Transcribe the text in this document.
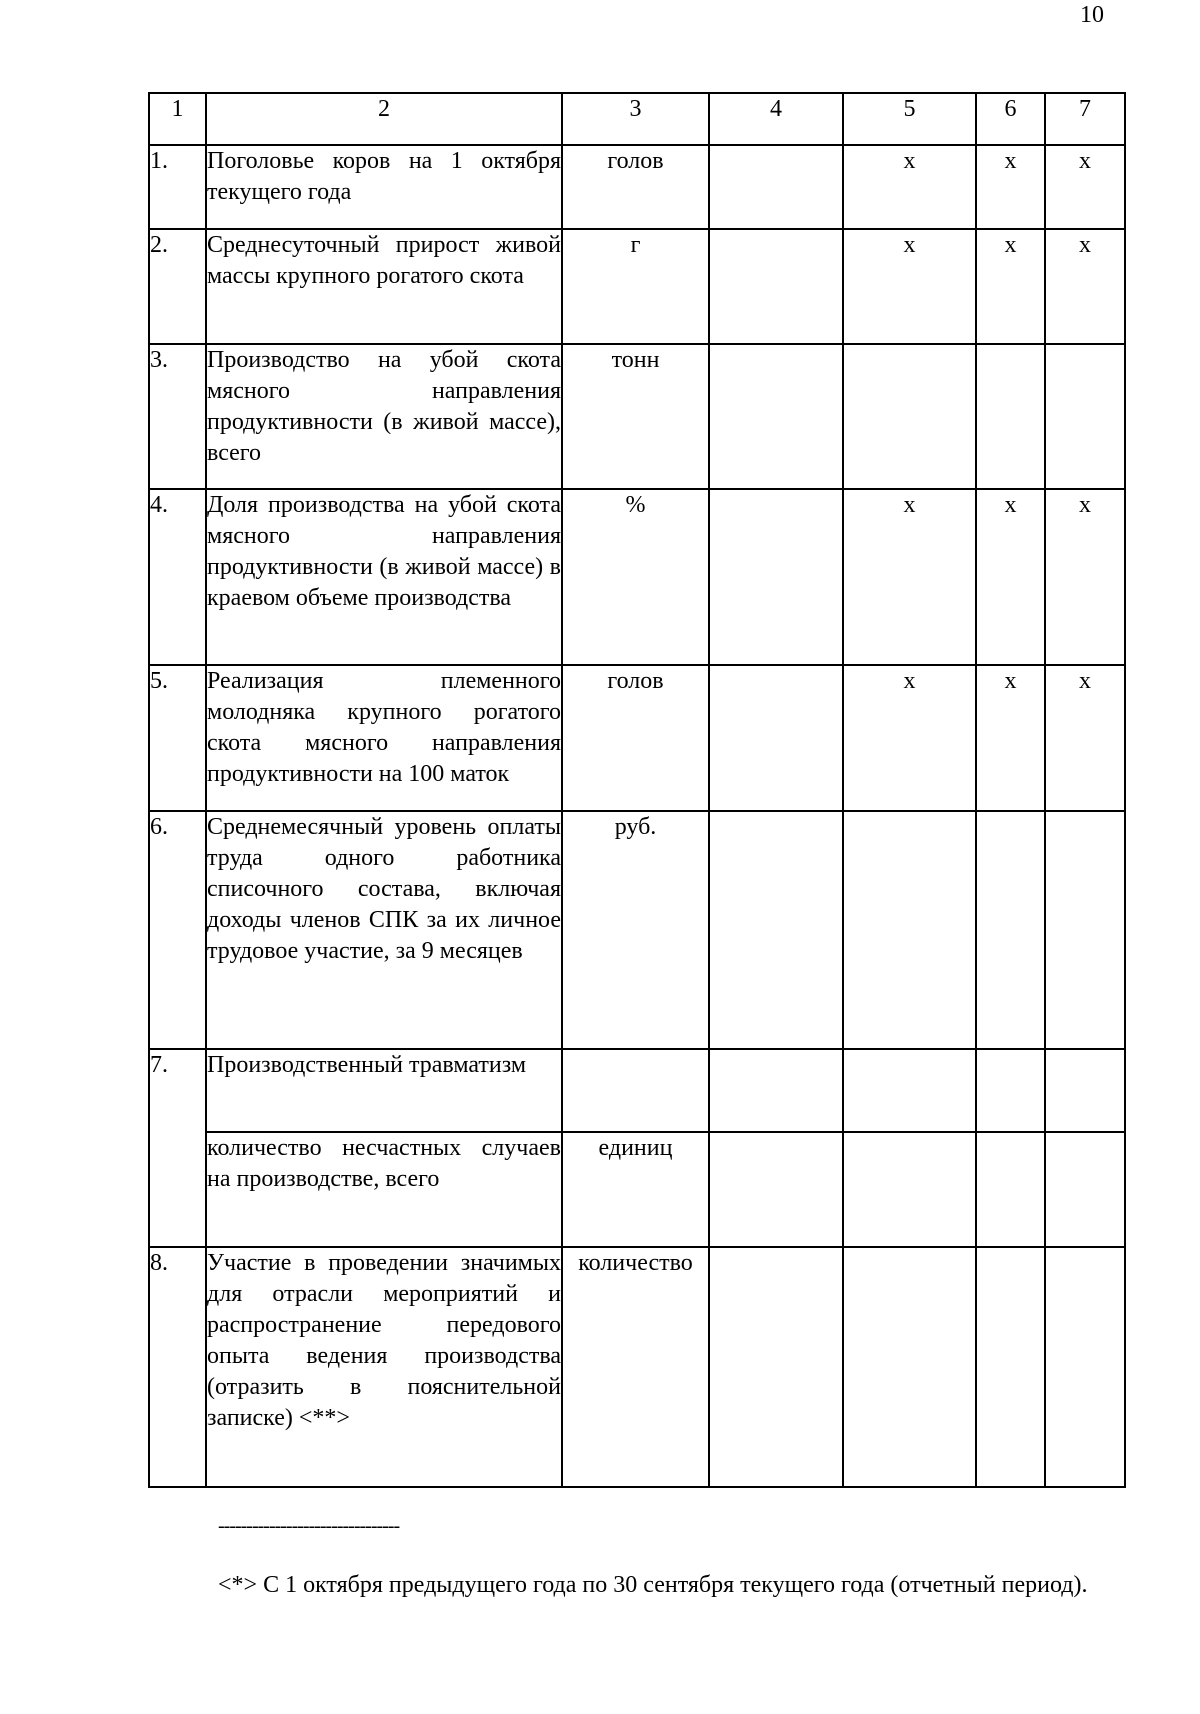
10
1	2	3	4	5	6	7
1.	Поголовье коров на 1 октября текущего года	голов		х	х	х
2.	Среднесуточный прирост живой массы крупного рогатого скота	г		х	х	х
3.	Производство на убой скота мясного направления продуктивности (в живой массе), всего	тонн				
4.	Доля производства на убой скота мясного направления продуктивности (в живой массе) в краевом объеме производства	%		х	х	х
5.	Реализация племенного молодняка крупного рогатого скота мясного направления продуктивности на 100 маток	голов		х	х	х
6.	Среднемесячный уровень оплаты труда одного работника списочного состава, включая доходы членов СПК за их личное трудовое участие, за 9 месяцев	руб.				
7.	Производственный травматизм					
	количество несчастных случаев на производстве, всего	единиц				
8.	Участие в проведении значимых для отрасли мероприятий и распространение передового опыта ведения производства (отразить в пояснительной записке) <**>	количество				
--------------------------------
<*> С 1 октября предыдущего года по 30 сентября текущего года (отчетный период).
